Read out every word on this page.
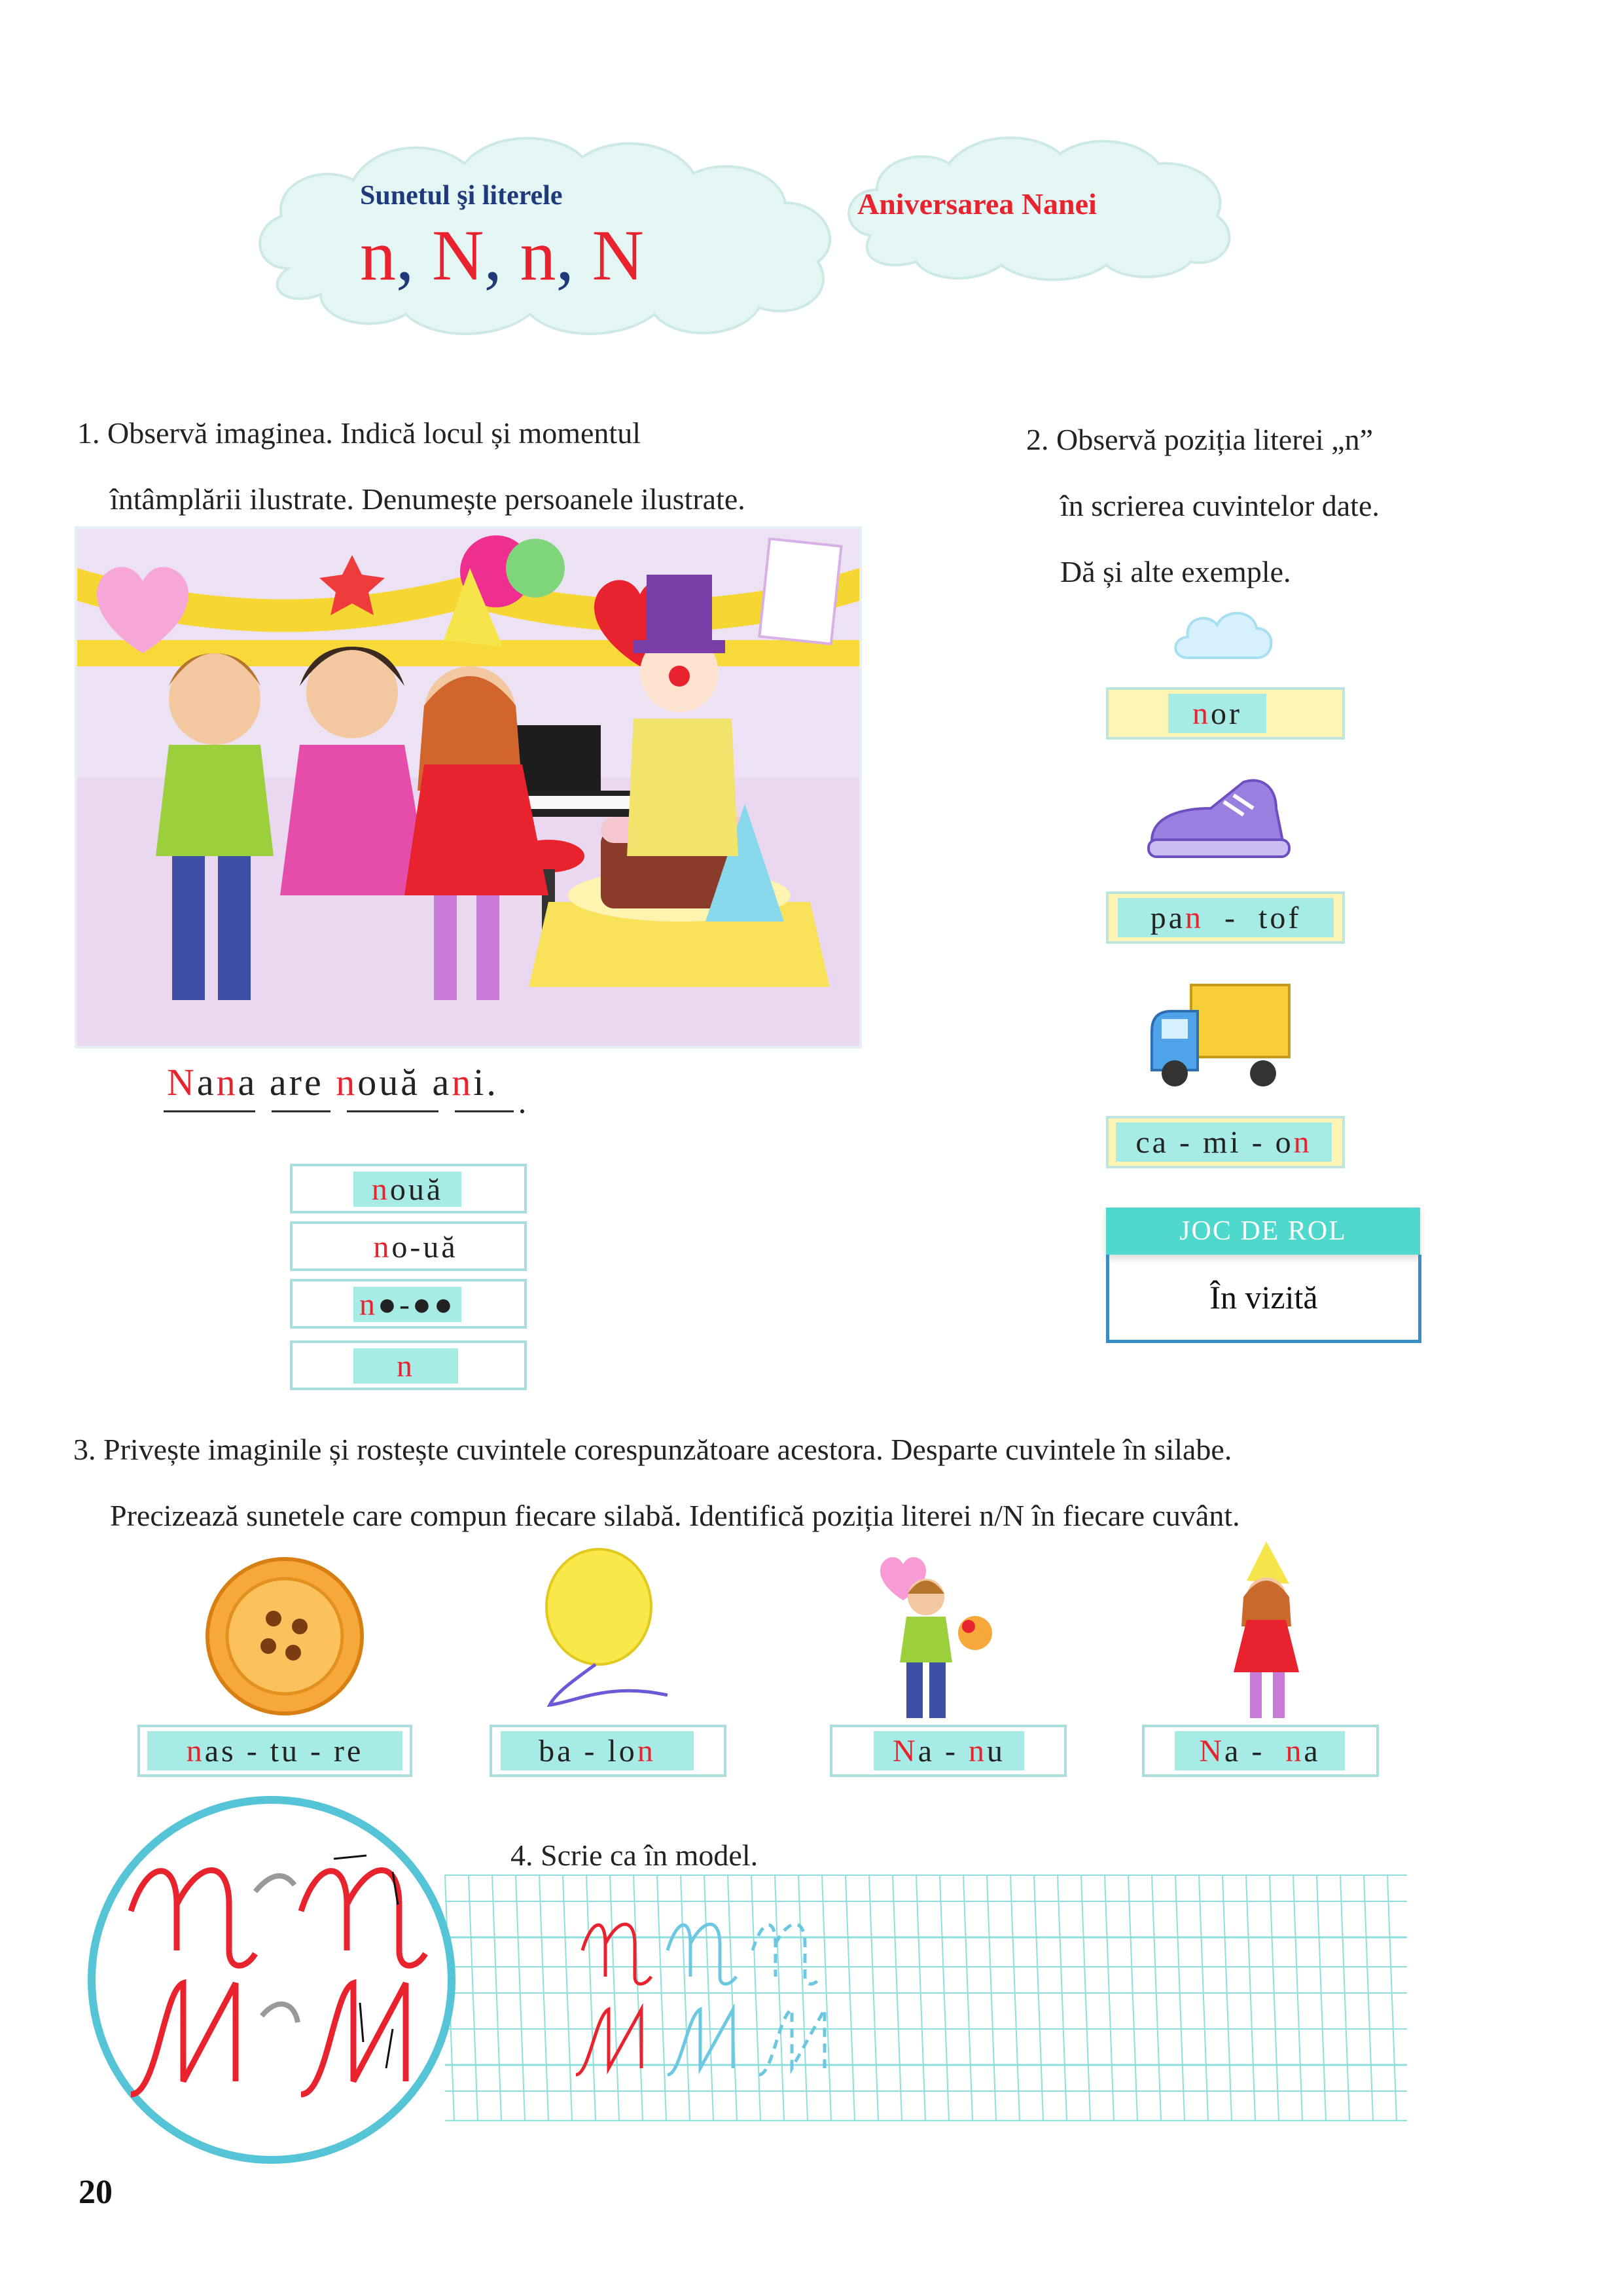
Sunetul şi literele
n, N, n, N
Aniversarea Nanei
1. Observă imaginea. Indică locul și momentul
întâmplării ilustrate. Denumește persoanele ilustrate.
Nana are nouă ani.
n ouă
n o - uă
n ●-●●
n
2. Observă poziția literei „n”
în scrierea cuvintelor date.
Dă și alte exemple.
n or
pa n - tof
ca - mi - o n
JOC DE ROL
În vizită
3. Privește imaginile și rostește cuvintele corespunzătoare acestora. Desparte cuvintele în silabe.
Precizează sunetele care compun fiecare silabă. Identifică poziția literei n/N în fiecare cuvânt.
n as - tu - re	ba - lo n	N a - n u	N a - n a
4. Scrie ca în model.
20
